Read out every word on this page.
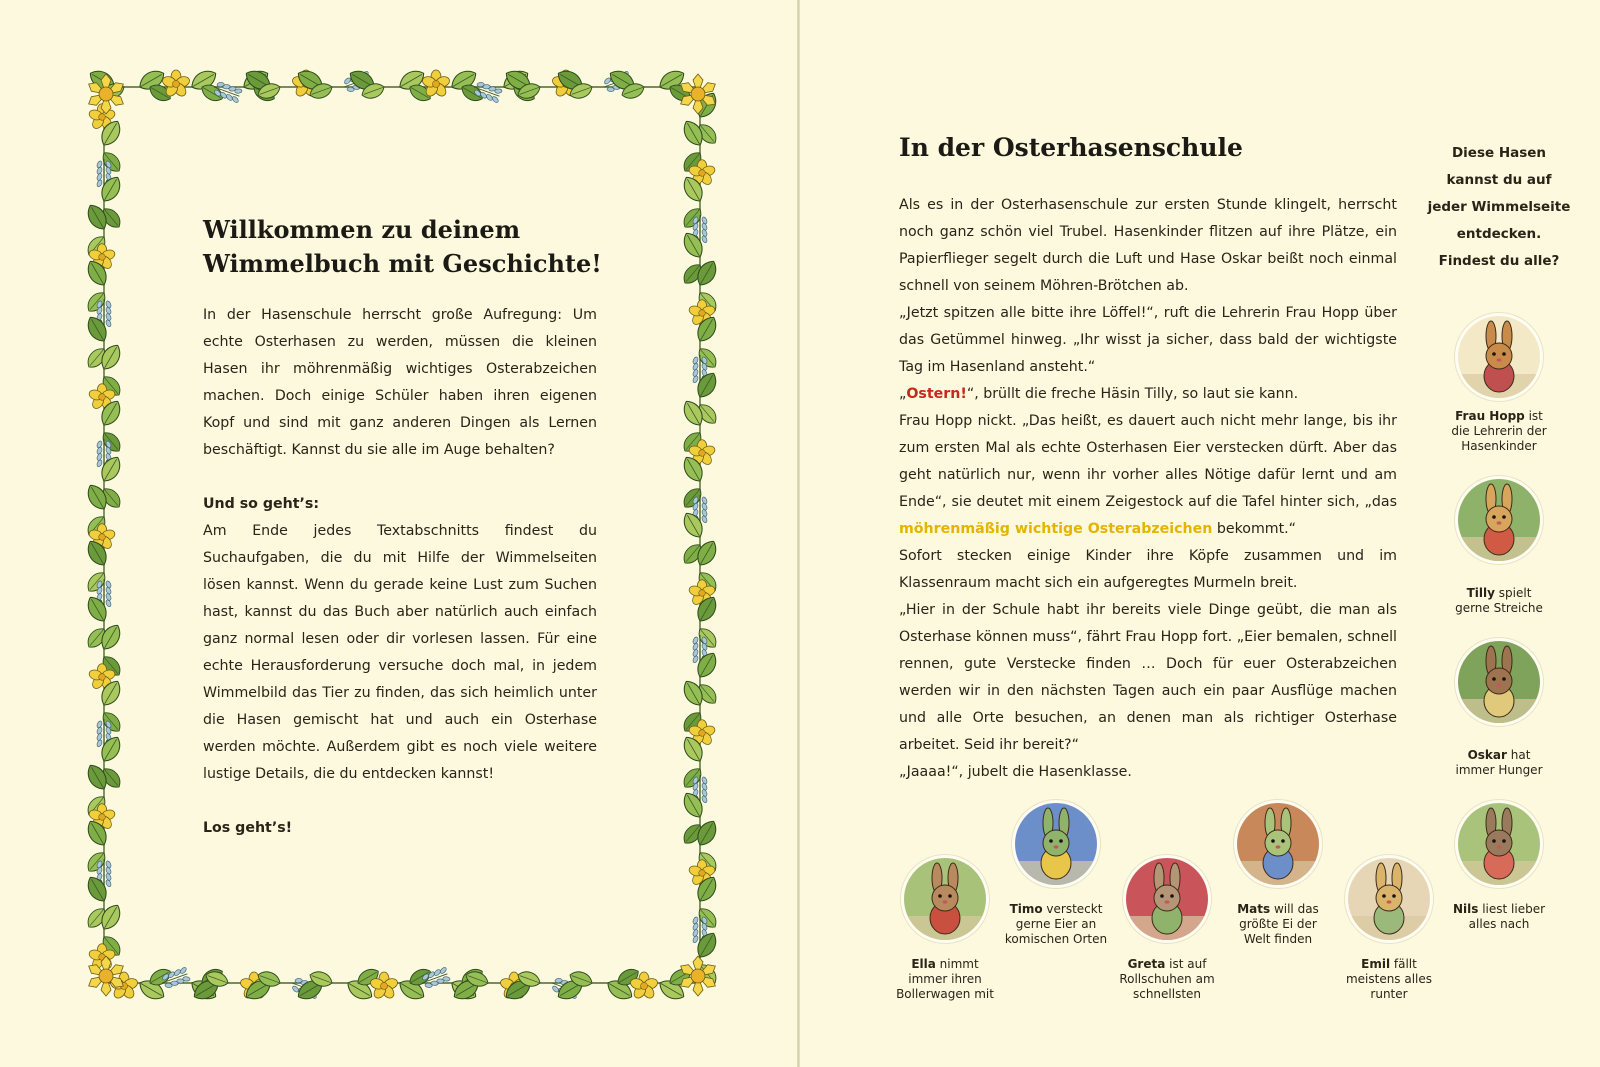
Willkommen zu deinem
Wimmelbuch mit Geschichte!

In der Hasenschule herrscht große Aufregung: Um echte Osterhasen zu werden, müssen die kleinen Hasen ihr möhrenmäßig wichtiges Osterabzeichen machen. Doch einige Schüler haben ihren eigenen Kopf und sind mit ganz anderen Dingen als Lernen beschäftigt. Kannst du sie alle im Auge behalten?

Und so geht’s:

Am Ende jedes Textabschnitts findest du Suchaufgaben, die du mit Hilfe der Wimmelseiten lösen kannst. Wenn du gerade keine Lust zum Suchen hast, kannst du das Buch aber natürlich auch einfach ganz normal lesen oder dir vorlesen lassen. Für eine echte Herausforderung versuche doch mal, in jedem Wimmelbild das Tier zu finden, das sich heimlich unter die Hasen gemischt hat und auch ein Osterhase werden möchte. Außerdem gibt es noch viele weitere lustige Details, die du entdecken kannst!

Los geht’s!

In der Osterhasenschule

Als es in der Osterhasenschule zur ersten Stunde klingelt, herrscht noch ganz schön viel Trubel. Hasenkinder flitzen auf ihre Plätze, ein Papierflieger segelt durch die Luft und Hase Oskar beißt noch einmal schnell von seinem Möhren-Brötchen ab.

„Jetzt spitzen alle bitte ihre Löffel!“, ruft die Lehrerin Frau Hopp über das Getümmel hinweg. „Ihr wisst ja sicher, dass bald der wichtigste Tag im Hasenland ansteht.“

„Ostern!“, brüllt die freche Häsin Tilly, so laut sie kann.

Frau Hopp nickt. „Das heißt, es dauert auch nicht mehr lange, bis ihr zum ersten Mal als echte Osterhasen Eier verstecken dürft. Aber das geht natürlich nur, wenn ihr vorher alles Nötige dafür lernt und am Ende“, sie deutet mit einem Zeigestock auf die Tafel hinter sich, „das möhrenmäßig wichtige Osterabzeichen bekommt.“

Sofort stecken einige Kinder ihre Köpfe zusammen und im Klassenraum macht sich ein aufgeregtes Murmeln breit.

„Hier in der Schule habt ihr bereits viele Dinge geübt, die man als Osterhase können muss“, fährt Frau Hopp fort. „Eier bemalen, schnell rennen, gute Verstecke finden … Doch für euer Osterabzeichen werden wir in den nächsten Tagen auch ein paar Ausflüge machen und alle Orte besuchen, an denen man als richtiger Osterhase arbeitet. Seid ihr bereit?“

„Jaaaa!“, jubelt die Hasenklasse.

Diese Hasen
kannst du auf
jeder Wimmelseite
entdecken.
Findest du alle?
Frau Hopp ist
die Lehrerin der
Hasenkinder
Tilly spielt
gerne Streiche
Oskar hat
immer Hunger
Ella nimmt
immer ihren
Bollerwagen mit
Timo versteckt
gerne Eier an
komischen Orten
Greta ist auf
Rollschuhen am
schnellsten
Mats will das
größte Ei der
Welt finden
Emil fällt
meistens alles
runter
Nils liest lieber
alles nach
